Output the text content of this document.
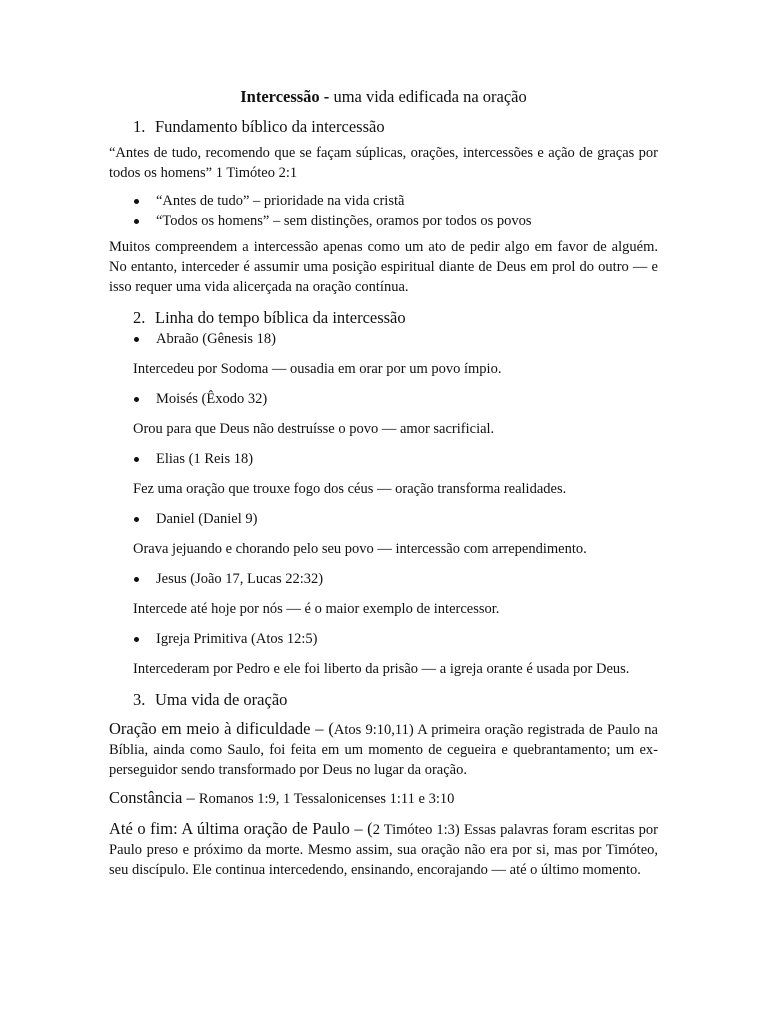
Intercessão - uma vida edificada na oração
1. Fundamento bíblico da intercessão

“Antes de tudo, recomendo que se façam súplicas, orações, intercessões e ação de graças por todos os homens” 1 Timóteo 2:1

“Antes de tudo” – prioridade na vida cristã
“Todos os homens” – sem distinções, oramos por todos os povos

Muitos compreendem a intercessão apenas como um ato de pedir algo em favor de alguém. No entanto, interceder é assumir uma posição espiritual diante de Deus em prol do outro — e isso requer uma vida alicerçada na oração contínua.

2. Linha do tempo bíblica da intercessão
Abraão (Gênesis 18)
Intercedeu por Sodoma — ousadia em orar por um povo ímpio.
Moisés (Êxodo 32)
Orou para que Deus não destruísse o povo — amor sacrificial.
Elias (1 Reis 18)
Fez uma oração que trouxe fogo dos céus — oração transforma realidades.
Daniel (Daniel 9)
Orava jejuando e chorando pelo seu povo — intercessão com arrependimento.
Jesus (João 17, Lucas 22:32)
Intercede até hoje por nós — é o maior exemplo de intercessor.
Igreja Primitiva (Atos 12:5)
Intercederam por Pedro e ele foi liberto da prisão — a igreja orante é usada por Deus.
3. Uma vida de oração

Oração em meio à dificuldade – (Atos 9:10,11) A primeira oração registrada de Paulo na Bíblia, ainda como Saulo, foi feita em um momento de cegueira e quebrantamento; um ex-perseguidor sendo transformado por Deus no lugar da oração.

Constância – Romanos 1:9, 1 Tessalonicenses 1:11 e 3:10

Até o fim: A última oração de Paulo – (2 Timóteo 1:3) Essas palavras foram escritas por Paulo preso e próximo da morte. Mesmo assim, sua oração não era por si, mas por Timóteo, seu discípulo. Ele continua intercedendo, ensinando, encorajando — até o último momento.
